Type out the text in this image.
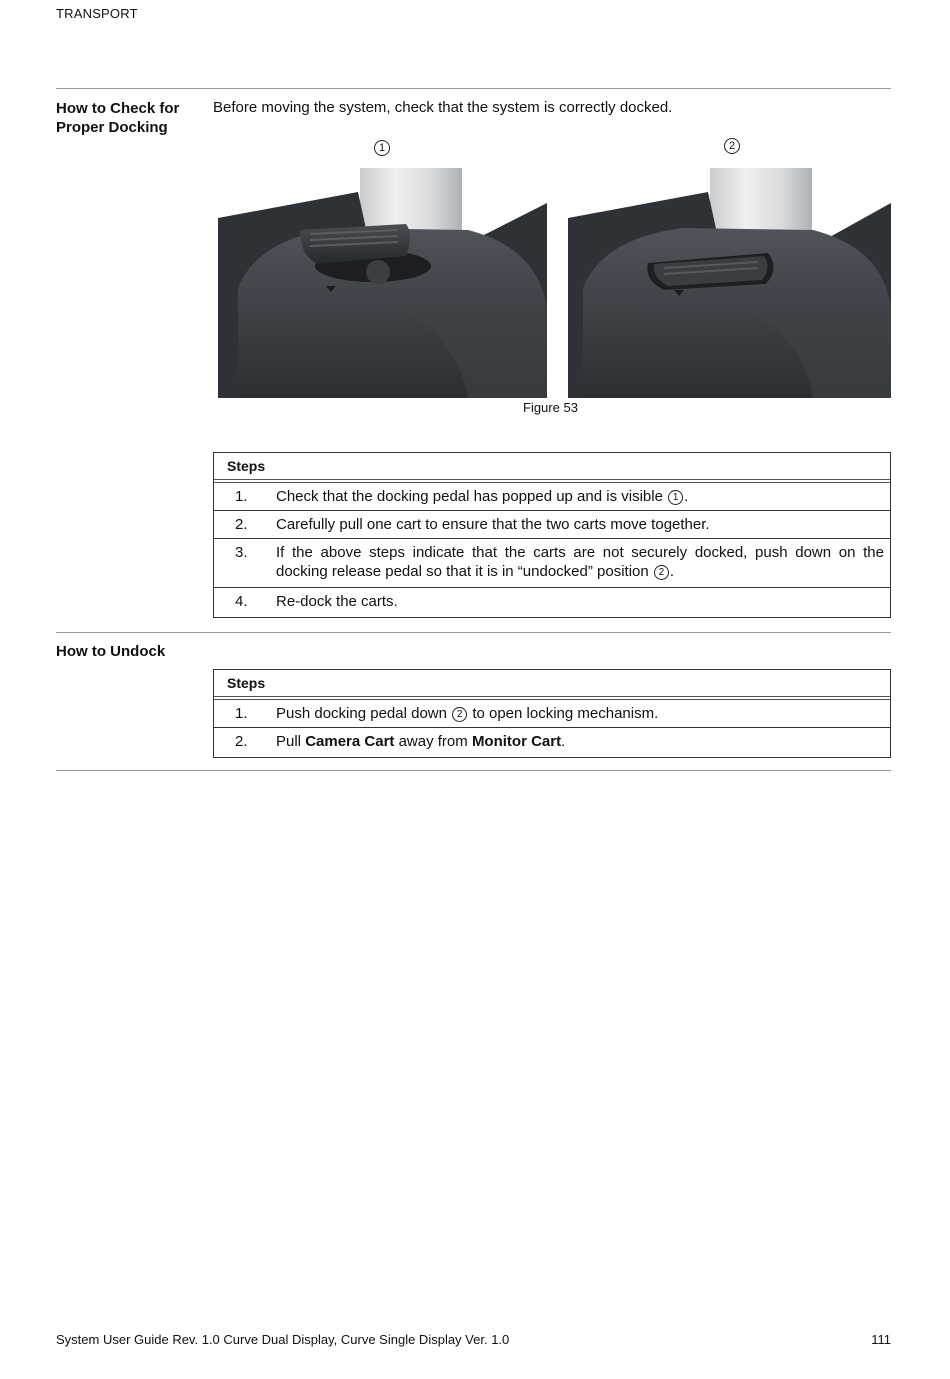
TRANSPORT
How to Check for Proper Docking
Before moving the system, check that the system is correctly docked.
1	2
Figure 53
Steps
1.	Check that the docking pedal has popped up and is visible 1 .
2.	Carefully pull one cart to ensure that the two carts move together.
3.	If the above steps indicate that the carts are not securely docked, push down on the docking release pedal so that it is in “undocked” position 2 .
4.	Re-dock the carts.
How to Undock
Steps
1.	Push docking pedal down 2 to open locking mechanism.
2.	Pull Camera Cart away from Monitor Cart.
System User Guide Rev. 1.0 Curve Dual Display, Curve Single Display Ver. 1.0	111
